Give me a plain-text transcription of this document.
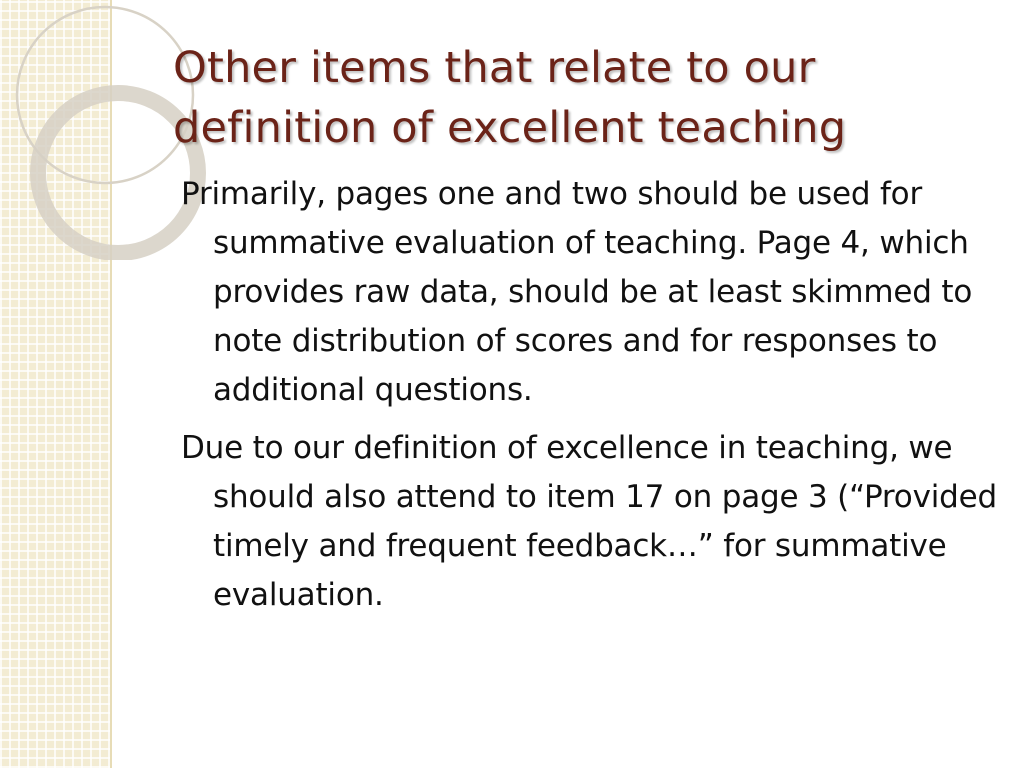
Other items that relate to our definition of excellent teaching

Primarily, pages one and two should be used for summative evaluation of teaching. Page 4, which provides raw data, should be at least skimmed to note distribution of scores and for responses to additional questions.

Due to our definition of excellence in teaching, we should also attend to item 17 on page 3 (“Provided timely and frequent feedback…” for summative evaluation.
